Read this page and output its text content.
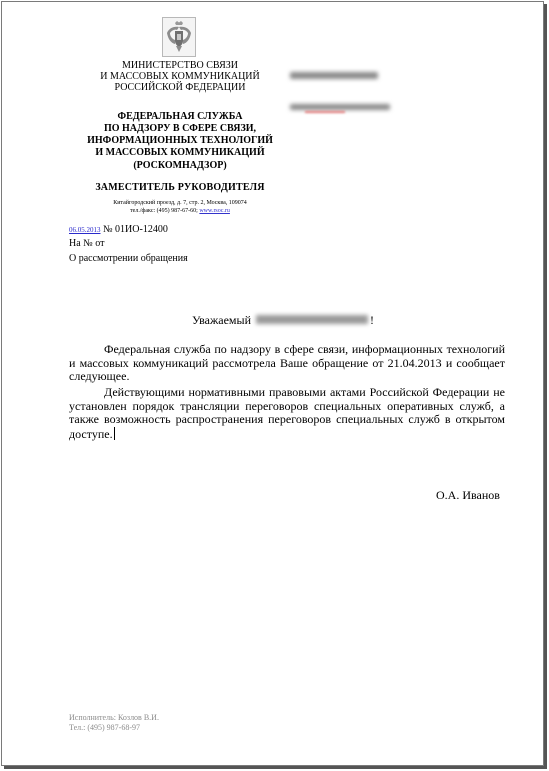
МИНИСТЕРСТВО СВЯЗИ
И МАССОВЫХ КОММУНИКАЦИЙ
РОССИЙСКОЙ ФЕДЕРАЦИИ
ФЕДЕРАЛЬНАЯ СЛУЖБА
ПО НАДЗОРУ В СФЕРЕ СВЯЗИ,
ИНФОРМАЦИОННЫХ ТЕХНОЛОГИЙ
И МАССОВЫХ КОММУНИКАЦИЙ
(РОСКОМНАДЗОР)
ЗАМЕСТИТЕЛЬ РУКОВОДИТЕЛЯ
Китайгородский проезд, д. 7, стр. 2, Москва, 109074
тел./факс: (495) 987-67-60; www.rsoc.ru
06.05.2013 № 01ИО-12400
На № от
О рассмотрении обращения
Уважаемый	!

Федеральная служба по надзору в сфере связи, информационных технологий и массовых коммуникаций рассмотрела Ваше обращение от 21.04.2013 и сообщает следующее.

Действующими нормативными правовыми актами Российской Федерации не установлен порядок трансляции переговоров специальных оперативных служб, а также возможность распространения переговоров специальных служб в открытом доступе.

О.А. Иванов
Исполнитель: Козлов В.И.
Тел.: (495) 987-68-97
